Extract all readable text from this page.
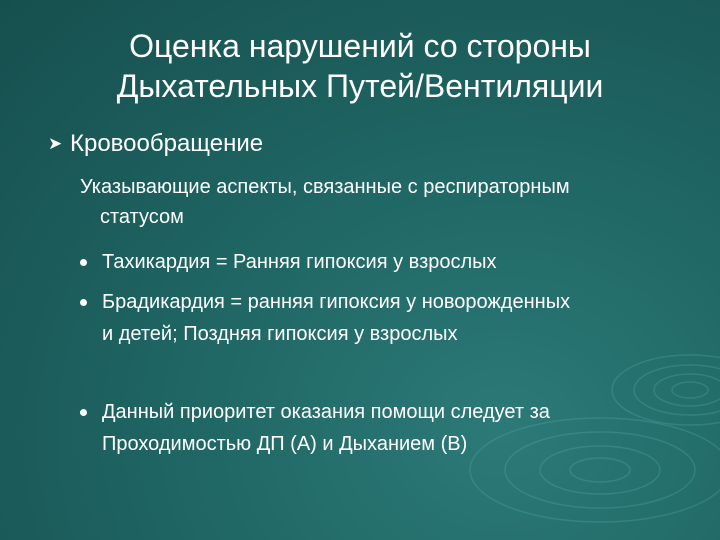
Оценка нарушений со стороны
Дыхательных Путей/Вентиляции
➤ Кровообращение
Указывающие аспекты, связанные с респираторным
статусом
Тахикардия = Ранняя гипоксия у взрослых
Брадикардия = ранняя гипоксия у новорожденных
и детей; Поздняя гипоксия у взрослых
Данный приоритет оказания помощи следует за
Проходимостью ДП (А) и Дыханием (В)
